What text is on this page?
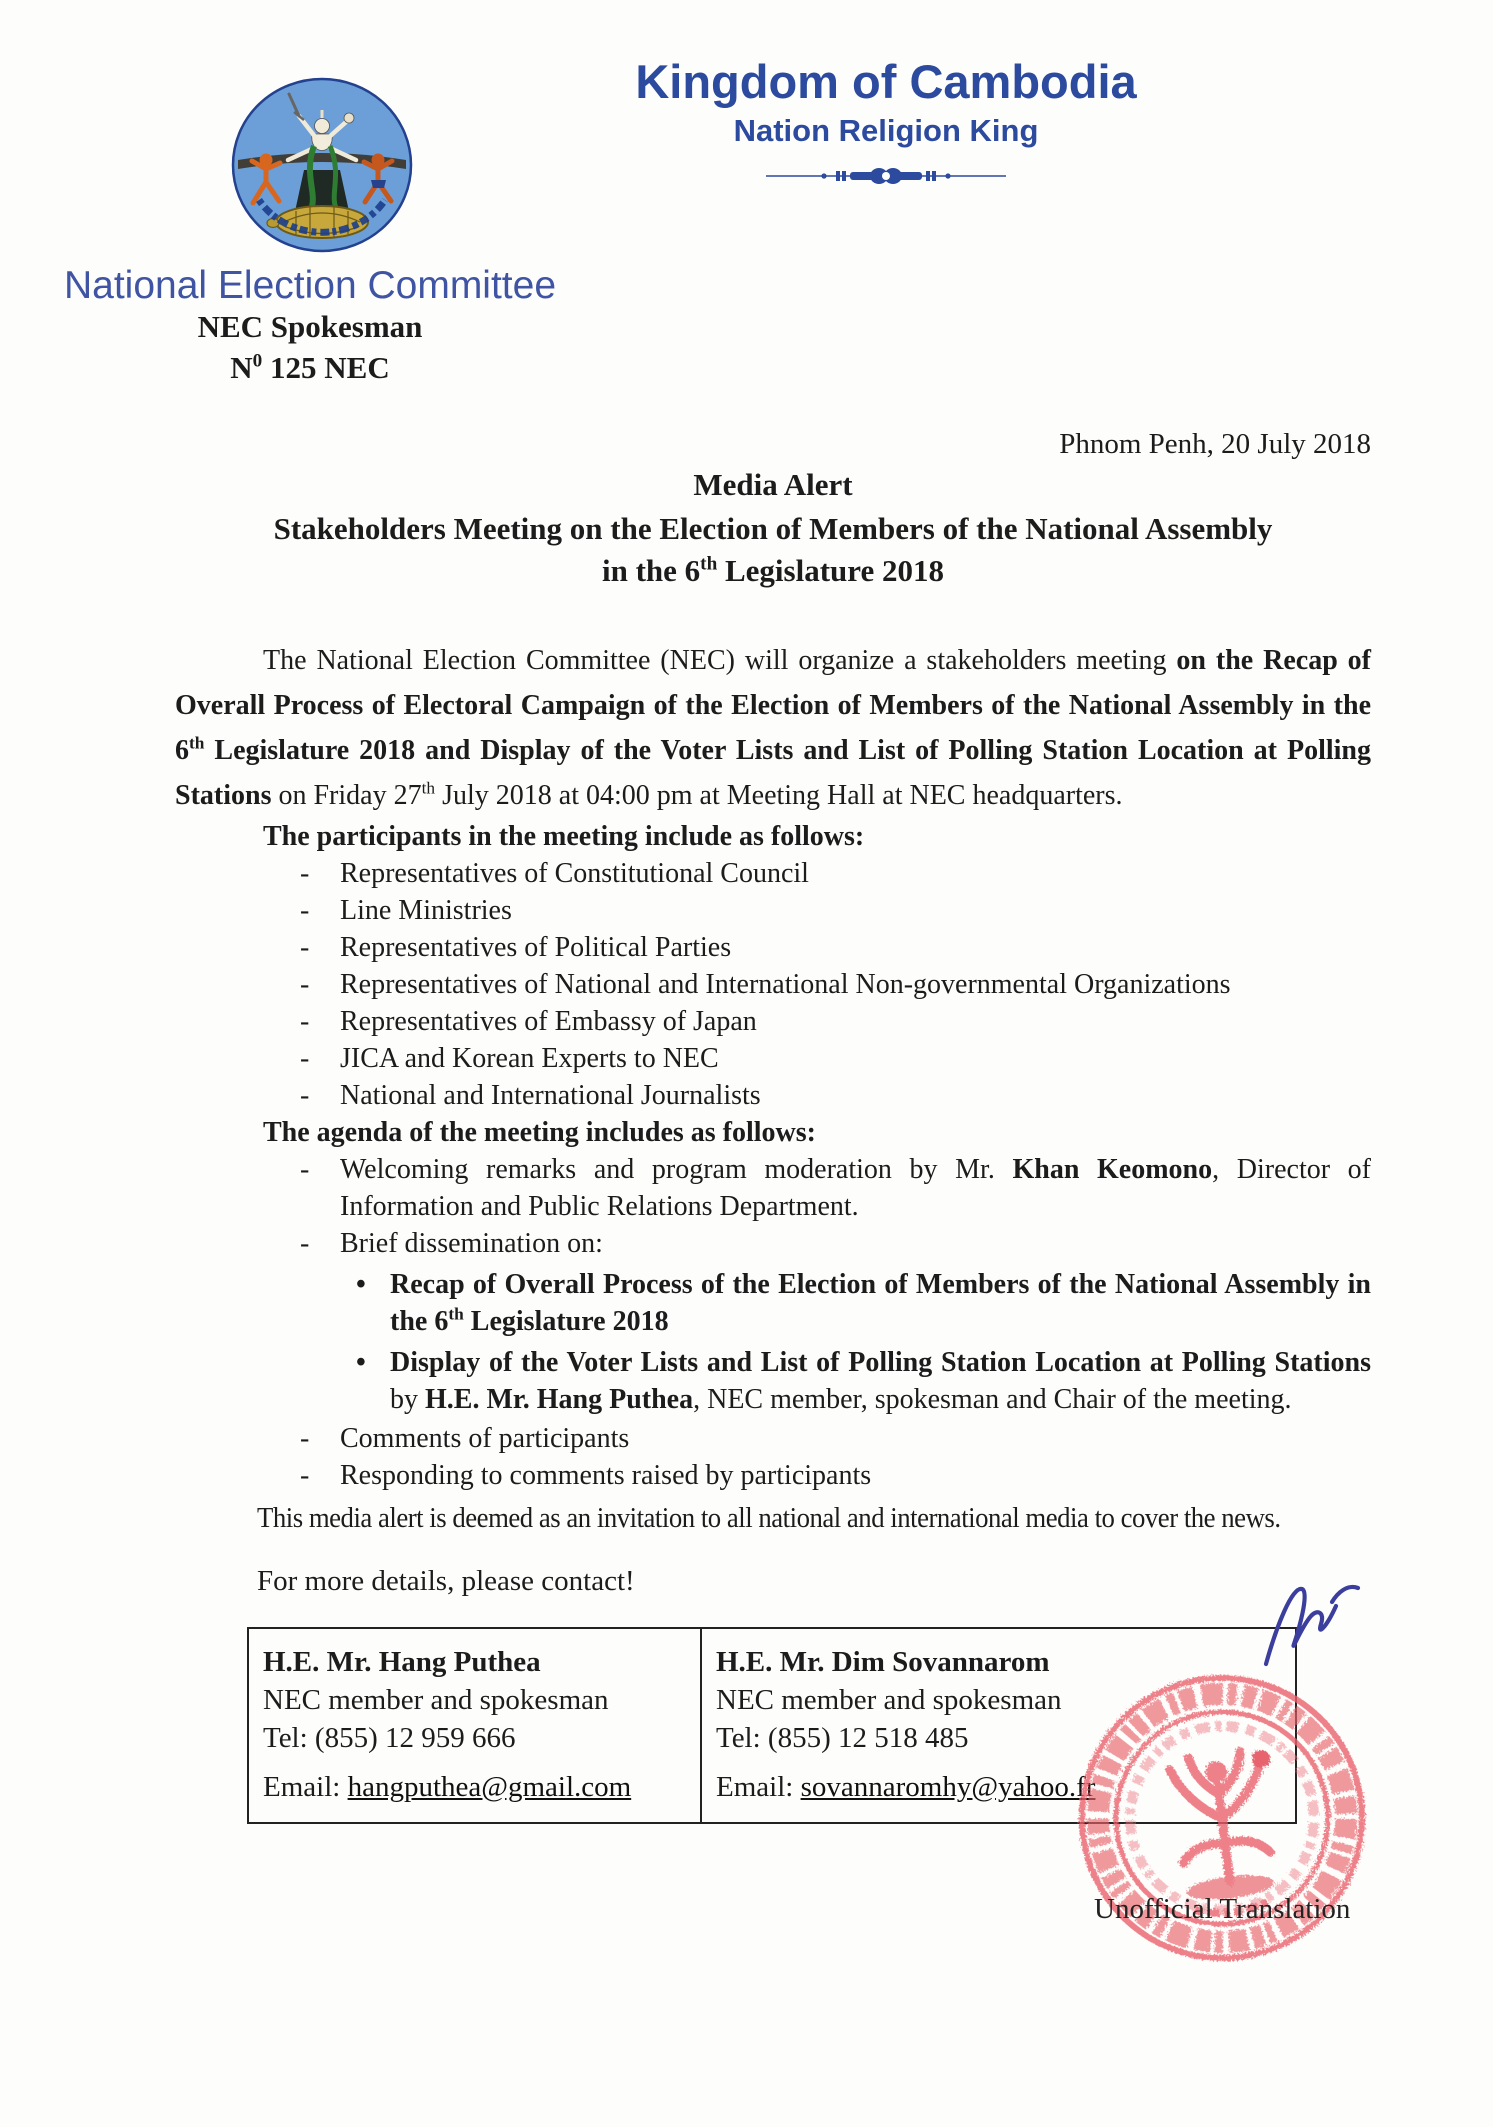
Kingdom of Cambodia
Nation Religion King
National Election Committee
NEC Spokesman
$N^0$ 125 NEC
Phnom Penh, 20 July 2018
Media Alert
Stakeholders Meeting on the Election of Members of the National Assembly
in the 6th Legislature 2018

The National Election Committee (NEC) will organize a stakeholders meeting on the Recap of Overall Process of Electoral Campaign of the Election of Members of the National Assembly in the 6th Legislature 2018 and Display of the Voter Lists and List of Polling Station Location at Polling Stations on Friday 27th July 2018 at 04:00 pm at Meeting Hall at NEC headquarters.

The participants in the meeting include as follows:
- Representatives of Constitutional Council
- Line Ministries
- Representatives of Political Parties
- Representatives of National and International Non-governmental Organizations
- Representatives of Embassy of Japan
- JICA and Korean Experts to NEC
- National and International Journalists
The agenda of the meeting includes as follows:
- Welcoming remarks and program moderation by Mr. Khan Keomono, Director of Information and Public Relations Department.
- Brief dissemination on:
• Recap of Overall Process of the Election of Members of the National Assembly in the 6th Legislature 2018
• Display of the Voter Lists and List of Polling Station Location at Polling Stations by H.E. Mr. Hang Puthea, NEC member, spokesman and Chair of the meeting.
- Comments of participants
- Responding to comments raised by participants
This media alert is deemed as an invitation to all national and international media to cover the news.
For more details, please contact!
H.E. Mr. Hang Puthea
NEC member and spokesman
Tel: (855) 12 959 666
Email: hangputhea@gmail.com
H.E. Mr. Dim Sovannarom
NEC member and spokesman
Tel: (855) 12 518 485
Email: sovannaromhy@yahoo.fr
Unofficial Translation
